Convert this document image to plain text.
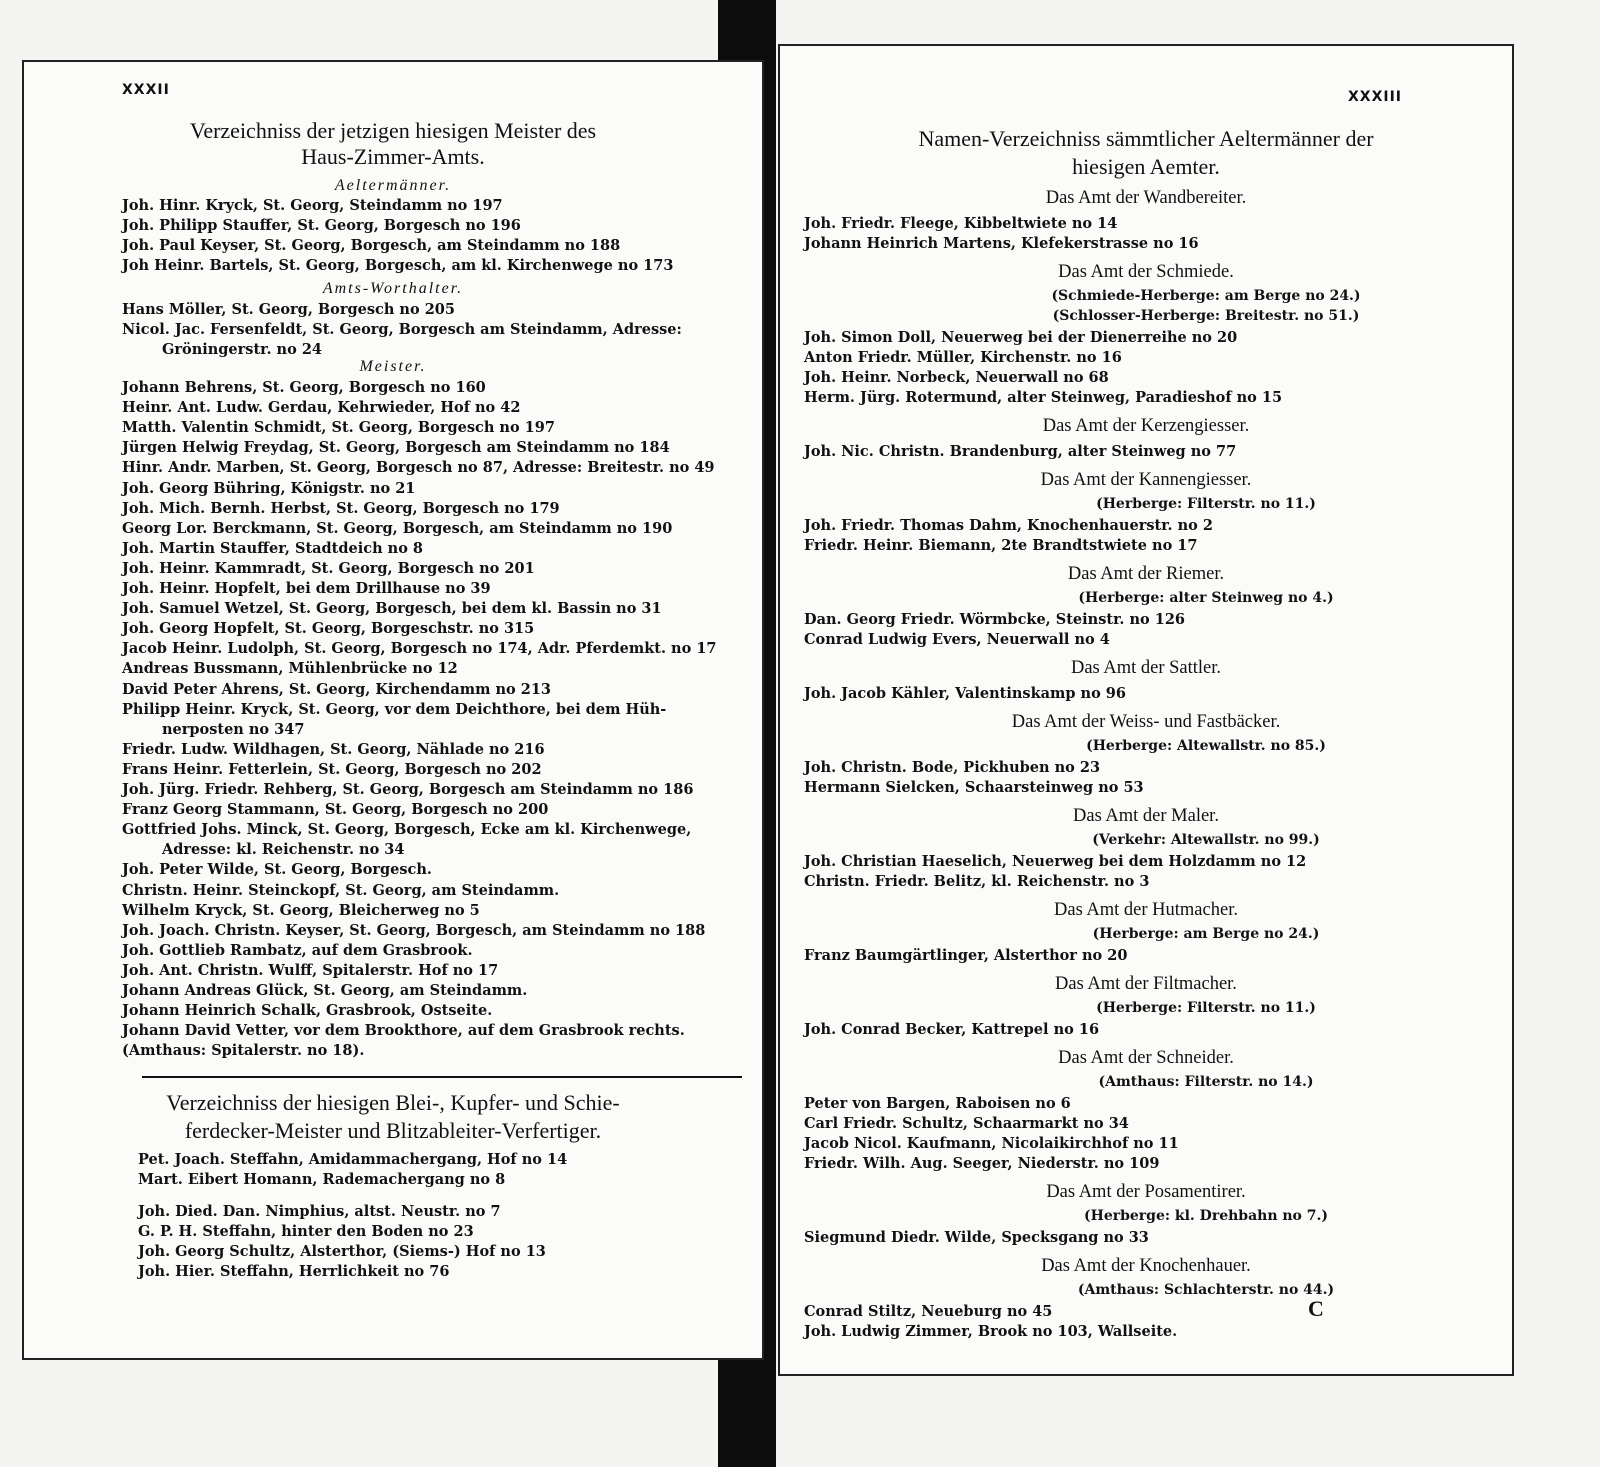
XXXII
Verzeichniss der jetzigen hiesigen Meister des
Haus-Zimmer-Amts.
Aeltermänner.
Joh. Hinr. Kryck, St. Georg, Steindamm no 197
Joh. Philipp Stauffer, St. Georg, Borgesch no 196
Joh. Paul Keyser, St. Georg, Borgesch, am Steindamm no 188
Joh Heinr. Bartels, St. Georg, Borgesch, am kl. Kirchenwege no 173
Amts-Worthalter.
Hans Möller, St. Georg, Borgesch no 205
Nicol. Jac. Fersenfeldt, St. Georg, Borgesch am Steindamm, Adresse:
Gröningerstr. no 24
Meister.
Johann Behrens, St. Georg, Borgesch no 160
Heinr. Ant. Ludw. Gerdau, Kehrwieder, Hof no 42
Matth. Valentin Schmidt, St. Georg, Borgesch no 197
Jürgen Helwig Freydag, St. Georg, Borgesch am Steindamm no 184
Hinr. Andr. Marben, St. Georg, Borgesch no 87, Adresse: Breitestr. no 49
Joh. Georg Bühring, Königstr. no 21
Joh. Mich. Bernh. Herbst, St. Georg, Borgesch no 179
Georg Lor. Berckmann, St. Georg, Borgesch, am Steindamm no 190
Joh. Martin Stauffer, Stadtdeich no 8
Joh. Heinr. Kammradt, St. Georg, Borgesch no 201
Joh. Heinr. Hopfelt, bei dem Drillhause no 39
Joh. Samuel Wetzel, St. Georg, Borgesch, bei dem kl. Bassin no 31
Joh. Georg Hopfelt, St. Georg, Borgeschstr. no 315
Jacob Heinr. Ludolph, St. Georg, Borgesch no 174, Adr. Pferdemkt. no 17
Andreas Bussmann, Mühlenbrücke no 12
David Peter Ahrens, St. Georg, Kirchendamm no 213
Philipp Heinr. Kryck, St. Georg, vor dem Deichthore, bei dem Hüh-
nerposten no 347
Friedr. Ludw. Wildhagen, St. Georg, Nählade no 216
Frans Heinr. Fetterlein, St. Georg, Borgesch no 202
Joh. Jürg. Friedr. Rehberg, St. Georg, Borgesch am Steindamm no 186
Franz Georg Stammann, St. Georg, Borgesch no 200
Gottfried Johs. Minck, St. Georg, Borgesch, Ecke am kl. Kirchenwege,
Adresse: kl. Reichenstr. no 34
Joh. Peter Wilde, St. Georg, Borgesch.
Christn. Heinr. Steinckopf, St. Georg, am Steindamm.
Wilhelm Kryck, St. Georg, Bleicherweg no 5
Joh. Joach. Christn. Keyser, St. Georg, Borgesch, am Steindamm no 188
Joh. Gottlieb Rambatz, auf dem Grasbrook.
Joh. Ant. Christn. Wulff, Spitalerstr. Hof no 17
Johann Andreas Glück, St. Georg, am Steindamm.
Johann Heinrich Schalk, Grasbrook, Ostseite.
Johann David Vetter, vor dem Brookthore, auf dem Grasbrook rechts.
(Amthaus: Spitalerstr. no 18).
Verzeichniss der hiesigen Blei-, Kupfer- und Schie-
ferdecker-Meister und Blitzableiter-Verfertiger.
Pet. Joach. Steffahn, Amidammachergang, Hof no 14
Mart. Eibert Homann, Rademachergang no 8
Joh. Died. Dan. Nimphius, altst. Neustr. no 7
G. P. H. Steffahn, hinter den Boden no 23
Joh. Georg Schultz, Alsterthor, (Siems-) Hof no 13
Joh. Hier. Steffahn, Herrlichkeit no 76
XXXIII
Namen-Verzeichniss sämmtlicher Aeltermänner der
hiesigen Aemter.
Das Amt der Wandbereiter.
Joh. Friedr. Fleege, Kibbeltwiete no 14
Johann Heinrich Martens, Klefekerstrasse no 16
Das Amt der Schmiede.
(Schmiede-Herberge: am Berge no 24.)
(Schlosser-Herberge: Breitestr. no 51.)
Joh. Simon Doll, Neuerweg bei der Dienerreihe no 20
Anton Friedr. Müller, Kirchenstr. no 16
Joh. Heinr. Norbeck, Neuerwall no 68
Herm. Jürg. Rotermund, alter Steinweg, Paradieshof no 15
Das Amt der Kerzengiesser.
Joh. Nic. Christn. Brandenburg, alter Steinweg no 77
Das Amt der Kannengiesser.
(Herberge: Filterstr. no 11.)
Joh. Friedr. Thomas Dahm, Knochenhauerstr. no 2
Friedr. Heinr. Biemann, 2te Brandtstwiete no 17
Das Amt der Riemer.
(Herberge: alter Steinweg no 4.)
Dan. Georg Friedr. Wörmbcke, Steinstr. no 126
Conrad Ludwig Evers, Neuerwall no 4
Das Amt der Sattler.
Joh. Jacob Kähler, Valentinskamp no 96
Das Amt der Weiss- und Fastbäcker.
(Herberge: Altewallstr. no 85.)
Joh. Christn. Bode, Pickhuben no 23
Hermann Sielcken, Schaarsteinweg no 53
Das Amt der Maler.
(Verkehr: Altewallstr. no 99.)
Joh. Christian Haeselich, Neuerweg bei dem Holzdamm no 12
Christn. Friedr. Belitz, kl. Reichenstr. no 3
Das Amt der Hutmacher.
(Herberge: am Berge no 24.)
Franz Baumgärtlinger, Alsterthor no 20
Das Amt der Filtmacher.
(Herberge: Filterstr. no 11.)
Joh. Conrad Becker, Kattrepel no 16
Das Amt der Schneider.
(Amthaus: Filterstr. no 14.)
Peter von Bargen, Raboisen no 6
Carl Friedr. Schultz, Schaarmarkt no 34
Jacob Nicol. Kaufmann, Nicolaikirchhof no 11
Friedr. Wilh. Aug. Seeger, Niederstr. no 109
Das Amt der Posamentirer.
(Herberge: kl. Drehbahn no 7.)
Siegmund Diedr. Wilde, Specksgang no 33
Das Amt der Knochenhauer.
(Amthaus: Schlachterstr. no 44.)
Conrad Stiltz, Neueburg no 45
Joh. Ludwig Zimmer, Brook no 103, Wallseite.
C
